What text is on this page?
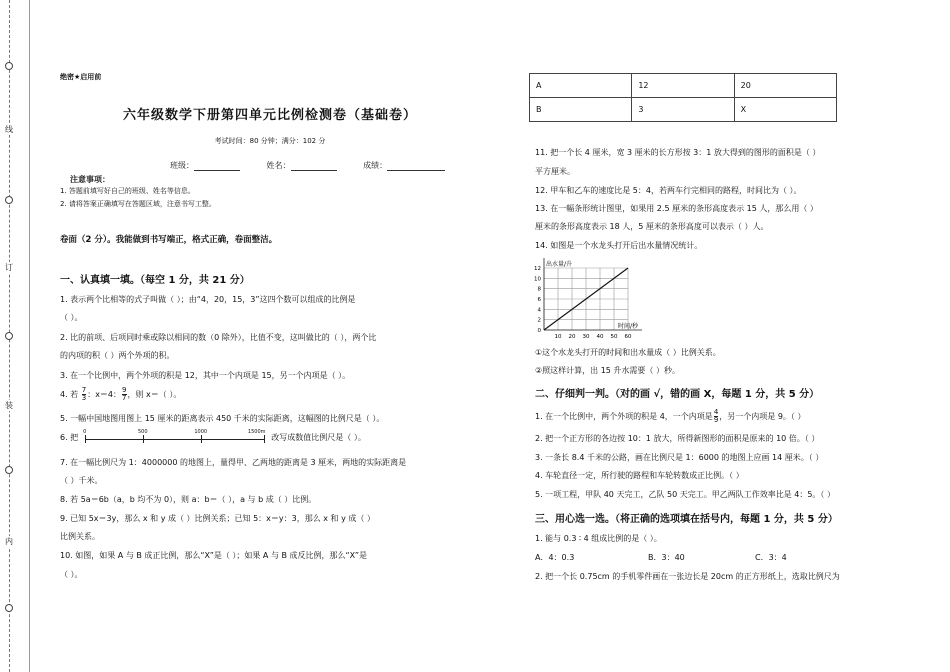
线
订
装
内
绝密★启用前
六年级数学下册第四单元比例检测卷（基础卷）
考试时间：80 分钟；满分：102 分
班级：	姓名：	成绩：
注意事项：
1. 答题前填写好自己的班级、姓名等信息。
2. 请将答案正确填写在答题区域，注意书写工整。
卷面（2 分）。我能做到书写端正，格式正确，卷面整洁。
一、认真填一填。（每空 1 分，共 21 分）
1. 表示两个比相等的式子叫做（ ）；由“4，20，15，3”这四个数可以组成的比例是
（ ）。
2. 比的前项、后项同时乘或除以相同的数（0 除外），比值不变，这叫做比的（ ），两个比
的内项的积（ ）两个外项的积。
3. 在一个比例中，两个外项的积是 12，其中一个内项是 15，另一个内项是（ ）。
4. 若 $\frac{7}{3}$ ：x＝4： $\frac{9}{7}$ ，则 x＝（ ）。
5. 一幅中国地图用图上 15 厘米的距离表示 450 千米的实际距离，这幅图的比例尺是（ ）。
6. 把
0	500	1000	1500m
改写成数值比例尺是（ ）。
7. 在一幅比例尺为 1：4000000 的地图上，量得甲、乙两地的距离是 3 厘米，两地的实际距离是
（ ）千米。
8. 若 5a＝6b（a，b 均不为 0），则 a：b＝（ ），a 与 b 成（ ）比例。
9. 已知 5x＝3y，那么 x 和 y 成（ ）比例关系；已知 5：x＝y：3，那么 x 和 y 成（ ）
比例关系。
10. 如图，如果 A 与 B 成正比例，那么“X”是（ ）；如果 A 与 B 成反比例，那么“X”是
（ ）。
A	12	20
B	3	X
11. 把一个长 4 厘米，宽 3 厘米的长方形按 3：1 放大得到的图形的面积是（ ）
平方厘米。
12. 甲车和乙车的速度比是 5：4，若两车行完相同的路程，时间比为（ ）。
13. 在一幅条形统计图里，如果用 2.5 厘米的条形高度表示 15 人，那么用（ ）
厘米的条形高度表示 18 人，5 厘米的条形高度可以表示（ ）人。
14. 如图是一个水龙头打开后出水量情况统计。
10 20 30 40 50 60
0
2
4
6
8
10
12
出水量/升
时间/秒
①这个水龙头打开的时间和出水量成（ ）比例关系。
②照这样计算，出 15 升水需要（ ）秒。
二、仔细判一判。（对的画 √，错的画 X，每题 1 分，共 5 分）
1. 在一个比例中，两个外项的积是 4，一个内项是 $\frac{4}{9}$ ，另一个内项是 9。（ ）
2. 把一个正方形的各边按 10：1 放大，所得新图形的面积是原来的 10 倍。（ ）
3. 一条长 8.4 千米的公路，画在比例尺是 1：6000 的地图上应画 14 厘米。（ ）
4. 车轮直径一定，所行驶的路程和车轮转数成正比例。（ ）
5. 一项工程，甲队 40 天完工，乙队 50 天完工。甲乙两队工作效率比是 4：5。（ ）
三、用心选一选。（将正确的选项填在括号内，每题 1 分，共 5 分）
1. 能与 0.3 ∶ 4 组成比例的是（ ）。
A．4：0.3	B．3：40	C．3：4
2. 把一个长 0.75cm 的手机零件画在一张边长是 20cm 的正方形纸上，选取比例尺为
